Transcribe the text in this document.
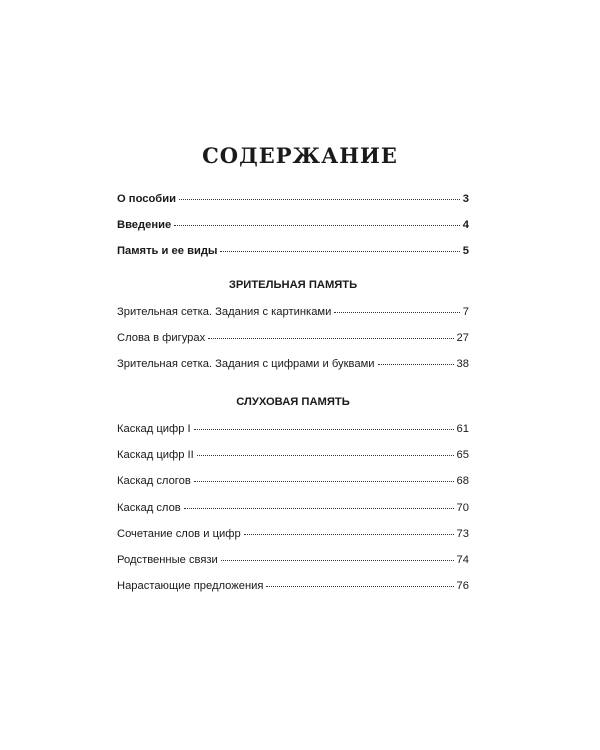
СОДЕРЖАНИЕ
О пособии	3
Введение	4
Память и ее виды	5
ЗРИТЕЛЬНАЯ ПАМЯТЬ
Зрительная сетка. Задания с картинками	7
Слова в фигурах	27
Зрительная сетка. Задания с цифрами и буквами	38
СЛУХОВАЯ ПАМЯТЬ
Каскад цифр I	61
Каскад цифр II	65
Каскад слогов	68
Каскад слов	70
Сочетание слов и цифр	73
Родственные связи	74
Нарастающие предложения	76
